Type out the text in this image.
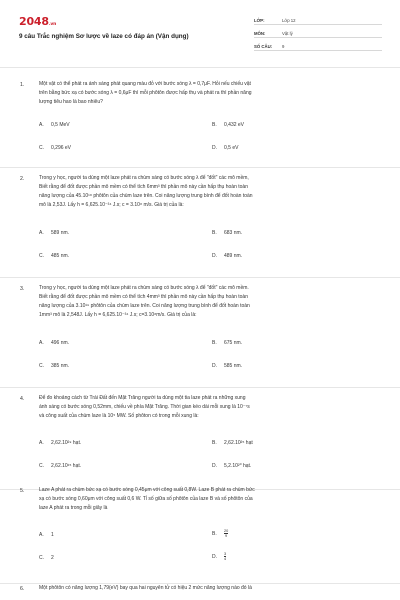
2048.vn
9 câu Trắc nghiệm Sơ lược về laze có đáp án (Vận dụng)
LỚP:	Lớp 12
MÔN:	Vật lý
SỐ CÂU:	9
1.	Một vật có thể phát ra ánh sáng phát quang màu đỏ với bước sóng λ = 0,7μF. Hỏi nếu chiếu vật
trên bằng bức xạ có bước sóng λ = 0,6μF thì mỗi phôtôn được hấp thụ và phát ra thì phần năng
lượng tiêu hao là bao nhiêu?
A. 0,5 MeV	B. 0,432 eV
C. 0,296 eV	D. 0,5 eV
2.	Trong y học, người ta dùng một laze phát ra chùm sáng có bước sóng λ để "đốt" các mô mềm,
Biết rằng để đốt được phần mô mềm có thể tích 6mm³ thì phần mô này cần hấp thụ hoàn toàn
năng lượng của 45.10¹⁸ phôtôn của chùm laze trên. Coi năng lượng trung bình để đốt hoàn toàn
mô là 2,53J. Lấy h = 6,625.10⁻³⁴ J.s; c = 3.10⁸ m/s. Giá trị của là:
A. 589 nm.	B. 683 nm.
C. 485 nm.	D. 489 nm.
3.	Trong y học, người ta dùng một laze phát ra chùm sáng có bước sóng λ để "đốt" các mô mềm.
Biết rằng để đốt được phần mô mềm có thể tích 4mm³ thì phần mô này cần hấp thụ hoàn toàn
năng lượng của 3.10¹⁹ phôtôn của chùm laze trên. Coi năng lượng trung bình để đốt hoàn toàn
1mm³ mô là 2,548J. Lấy h = 6,625.10⁻³⁴ J.s; c=3.10⁸m/s. Giá trị của là:
A. 496 nm.	B. 675 nm.
C. 385 nm.	D. 585 nm.
4.	Để đo khoảng cách từ Trái Đất đến Mặt Trăng người ta dùng một tia laze phát ra những xung
ánh sáng có bước sóng 0,52mm, chiếu về phía Mặt Trăng. Thời gian kéo dài mỗi xung là 10⁻⁷s
và công suất của chùm laze là 10⁵ MW. Số phôton có trong mỗi xung là:
A. 2,62.10²⁹ hạt.	B. 2,62.10²⁵ hạt
C. 2,62.10¹⁵ hạt.	D. 5,2.10²⁰ hạt.
5.	Laze A phát ra chùm bức xạ có bước sóng 0,45μm với công suất 0,8W. Laze B phát ra chùm bức
xạ có bước sóng 0,60μm với công suất 0,6 W. Tỉ số giữa số phôtôn của laze B và số phôtôn của
laze A phát ra trong mỗi giây là
A. 1	B. $\frac{20}{9}$
C. 2	D. $\frac{3}{4}$
6.	Một phôtôn có năng lượng 1,79(eV) bay qua hai nguyên tử có hiệu 2 mức năng lượng nào đó là
